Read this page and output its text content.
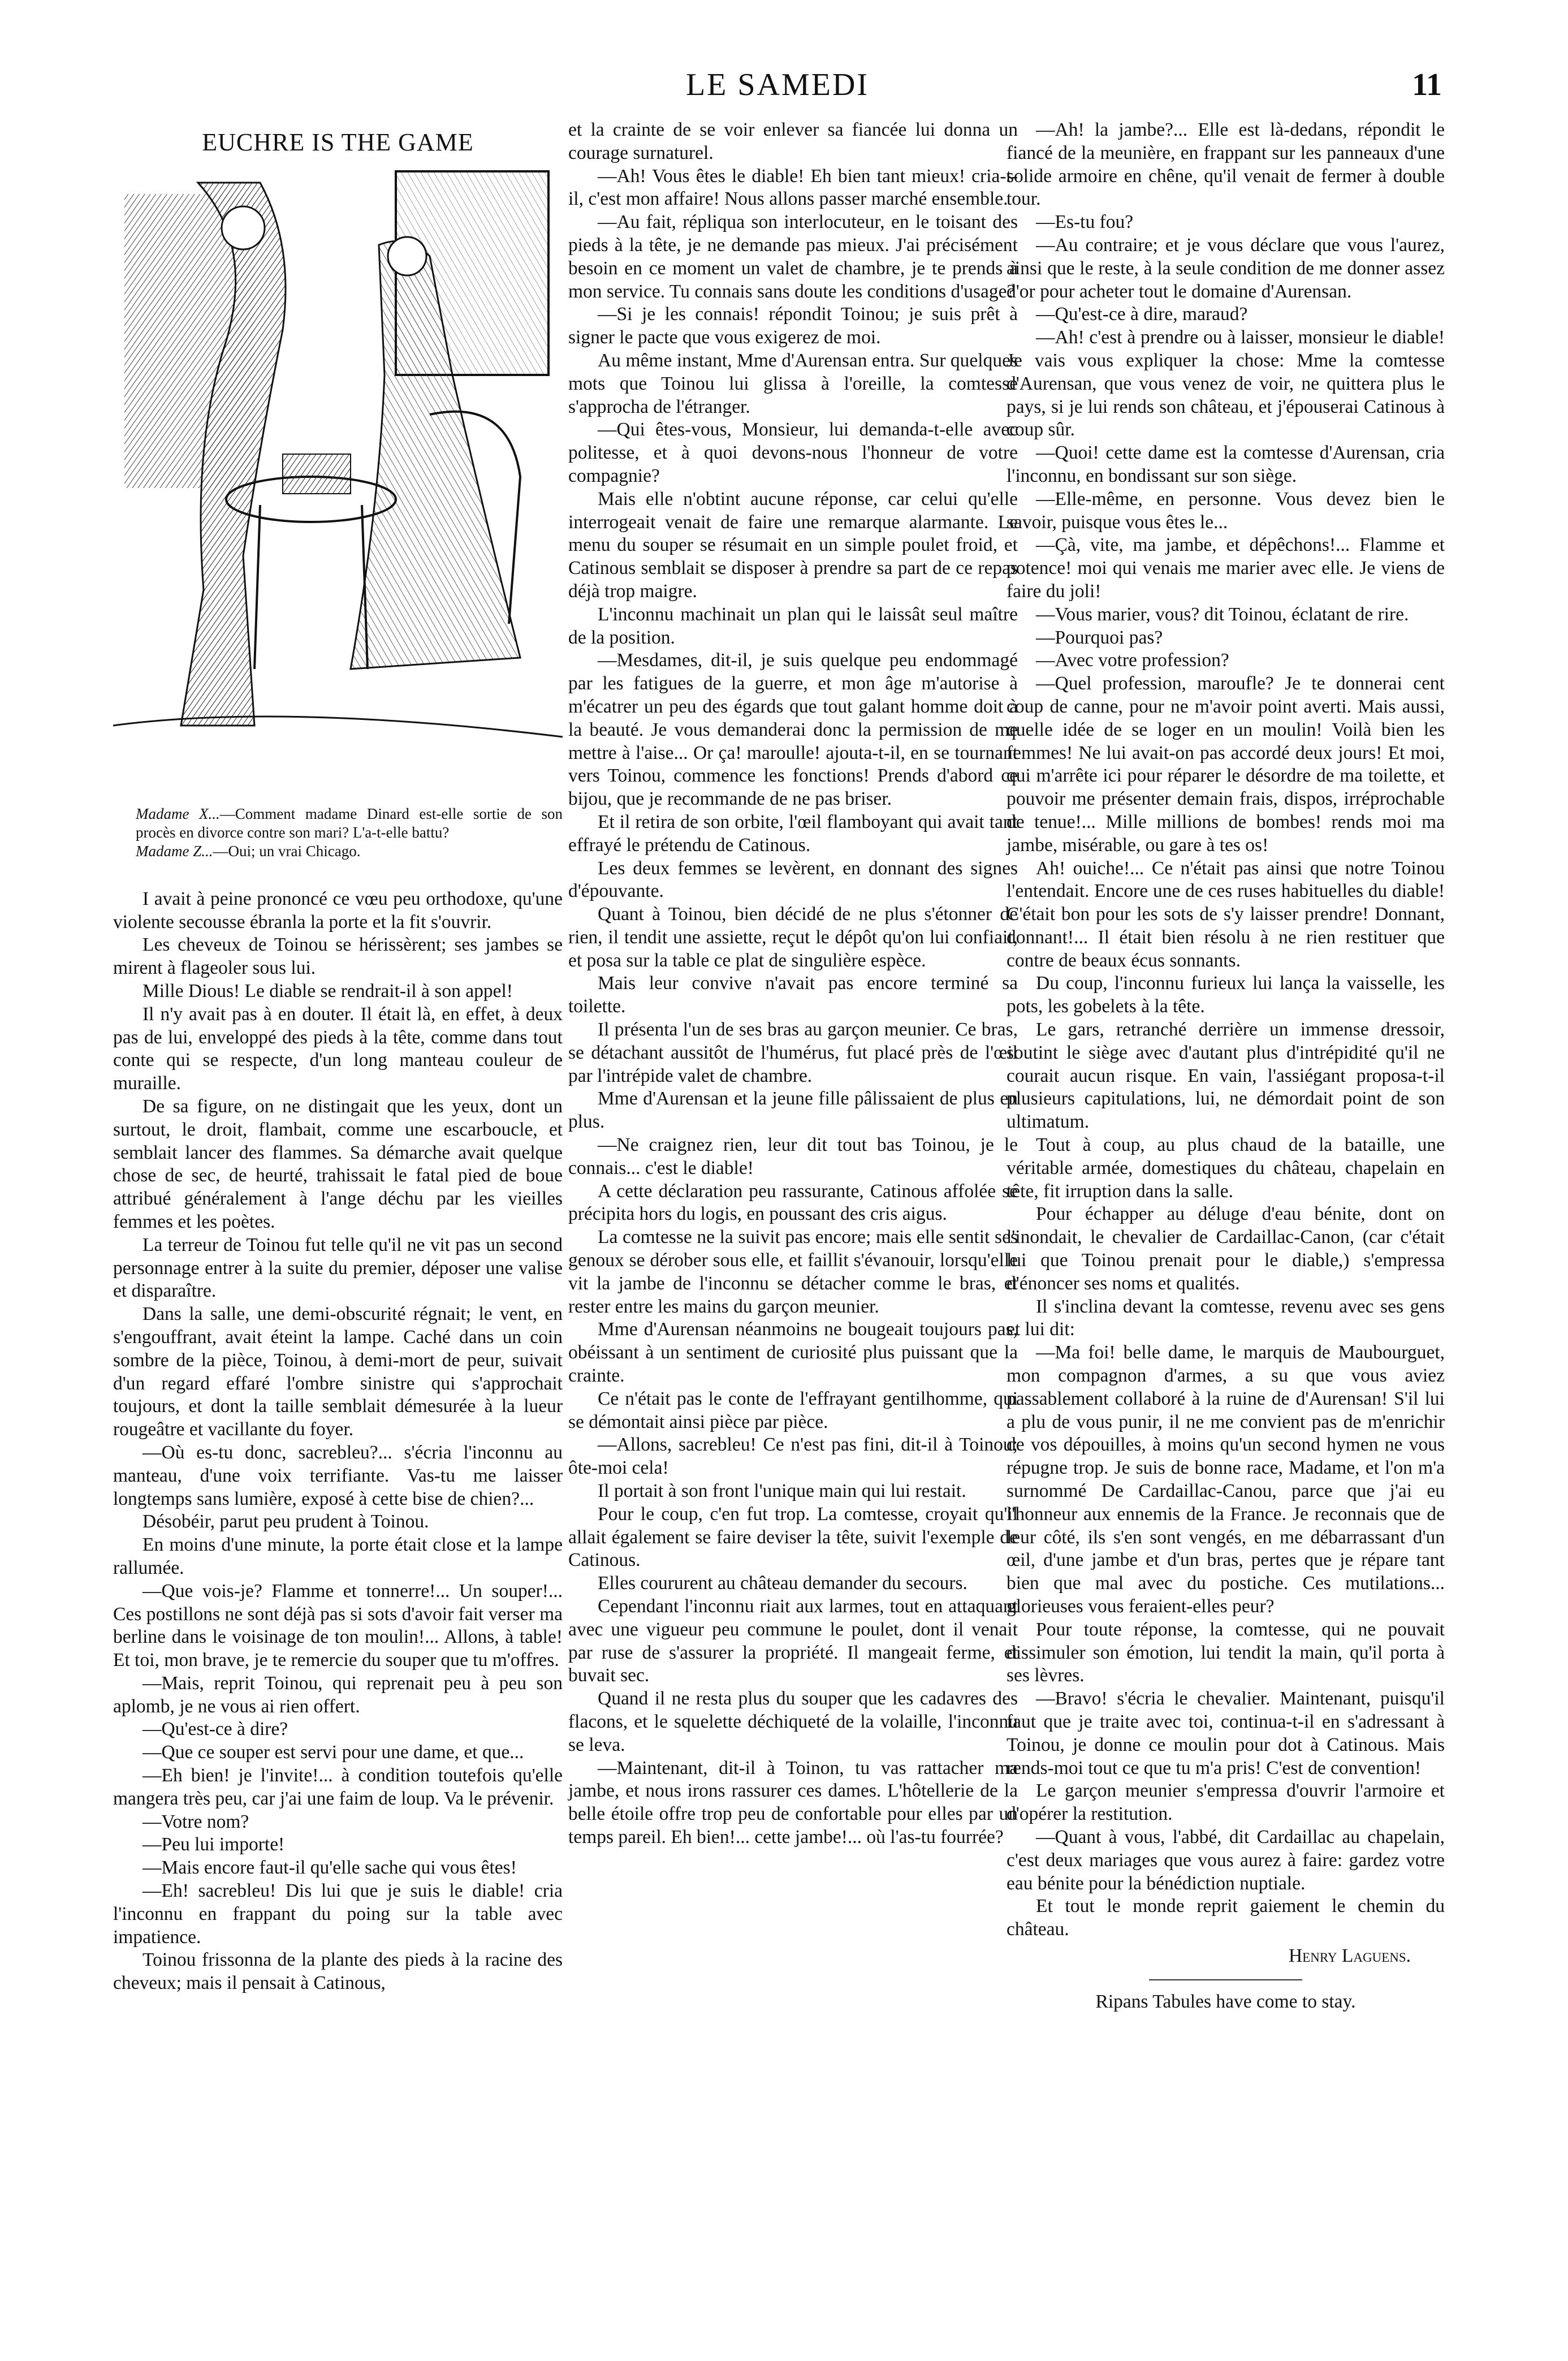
LE SAMEDI	11
EUCHRE IS THE GAME

Madame X...—Comment madame Dinard est-elle sortie de son procès en divorce contre son mari? L'a-t-elle battu?

Madame Z...—Oui; un vrai Chicago.

I avait à peine prononcé ce vœu peu orthodoxe, qu'une violente secousse ébranla la porte et la fit s'ouvrir.

Les cheveux de Toinou se hérissèrent; ses jambes se mirent à flageoler sous lui.

Mille Dious! Le diable se rendrait-il à son appel!

Il n'y avait pas à en douter. Il était là, en effet, à deux pas de lui, enveloppé des pieds à la tête, comme dans tout conte qui se respecte, d'un long manteau couleur de muraille.

De sa figure, on ne distingait que les yeux, dont un surtout, le droit, flambait, comme une escarboucle, et semblait lancer des flammes. Sa démarche avait quelque chose de sec, de heurté, trahissait le fatal pied de boue attribué généralement à l'ange déchu par les vieilles femmes et les poètes.

La terreur de Toinou fut telle qu'il ne vit pas un second personnage entrer à la suite du premier, déposer une valise et disparaître.

Dans la salle, une demi-obscurité régnait; le vent, en s'engouffrant, avait éteint la lampe. Caché dans un coin sombre de la pièce, Toinou, à demi-mort de peur, suivait d'un regard effaré l'ombre sinistre qui s'approchait toujours, et dont la taille semblait démesurée à la lueur rougeâtre et vacillante du foyer.

—Où es-tu donc, sacrebleu?... s'écria l'inconnu au manteau, d'une voix terrifiante. Vas-tu me laisser longtemps sans lumière, exposé à cette bise de chien?...

Désobéir, parut peu prudent à Toinou.

En moins d'une minute, la porte était close et la lampe rallumée.

—Que vois-je? Flamme et tonnerre!... Un souper!... Ces postillons ne sont déjà pas si sots d'avoir fait verser ma berline dans le voisinage de ton moulin!... Allons, à table! Et toi, mon brave, je te remercie du souper que tu m'offres.

—Mais, reprit Toinou, qui reprenait peu à peu son aplomb, je ne vous ai rien offert.

—Qu'est-ce à dire?

—Que ce souper est servi pour une dame, et que...

—Eh bien! je l'invite!... à condition toutefois qu'elle mangera très peu, car j'ai une faim de loup. Va le prévenir.

—Votre nom?

—Peu lui importe!

—Mais encore faut-il qu'elle sache qui vous êtes!

—Eh! sacrebleu! Dis lui que je suis le diable! cria l'inconnu en frappant du poing sur la table avec impatience.

Toinou frissonna de la plante des pieds à la racine des cheveux; mais il pensait à Catinous,

et la crainte de se voir enlever sa fiancée lui donna un courage surnaturel.

—Ah! Vous êtes le diable! Eh bien tant mieux! cria-t-il, c'est mon affaire! Nous allons passer marché ensemble.

—Au fait, répliqua son interlocuteur, en le toisant des pieds à la tête, je ne demande pas mieux. J'ai précisément besoin en ce moment un valet de chambre, je te prends à mon service. Tu connais sans doute les conditions d'usage?

—Si je les connais! répondit Toinou; je suis prêt à signer le pacte que vous exigerez de moi.

Au même instant, Mme d'Aurensan entra. Sur quelques mots que Toinou lui glissa à l'oreille, la comtesse s'approcha de l'étranger.

—Qui êtes-vous, Monsieur, lui demanda-t-elle avec politesse, et à quoi devons-nous l'honneur de votre compagnie?

Mais elle n'obtint aucune réponse, car celui qu'elle interrogeait venait de faire une remarque alarmante. Le menu du souper se résumait en un simple poulet froid, et Catinous semblait se disposer à prendre sa part de ce repas déjà trop maigre.

L'inconnu machinait un plan qui le laissât seul maître de la position.

—Mesdames, dit-il, je suis quelque peu endommagé par les fatigues de la guerre, et mon âge m'autorise à m'écatrer un peu des égards que tout galant homme doit à la beauté. Je vous demanderai donc la permission de me mettre à l'aise... Or ça! maroulle! ajouta-t-il, en se tournant vers Toinou, commence les fonctions! Prends d'abord ce bijou, que je recommande de ne pas briser.

Et il retira de son orbite, l'œil flamboyant qui avait tant effrayé le prétendu de Catinous.

Les deux femmes se levèrent, en donnant des signes d'épouvante.

Quant à Toinou, bien décidé de ne plus s'étonner de rien, il tendit une assiette, reçut le dépôt qu'on lui confiait, et posa sur la table ce plat de singulière espèce.

Mais leur convive n'avait pas encore terminé sa toilette.

Il présenta l'un de ses bras au garçon meunier. Ce bras, se détachant aussitôt de l'humérus, fut placé près de l'œil par l'intrépide valet de chambre.

Mme d'Aurensan et la jeune fille pâlissaient de plus en plus.

—Ne craignez rien, leur dit tout bas Toinou, je le connais... c'est le diable!

A cette déclaration peu rassurante, Catinous affolée se précipita hors du logis, en poussant des cris aigus.

La comtesse ne la suivit pas encore; mais elle sentit ses genoux se dérober sous elle, et faillit s'évanouir, lorsqu'elle vit la jambe de l'inconnu se détacher comme le bras, et rester entre les mains du garçon meunier.

Mme d'Aurensan néanmoins ne bougeait toujours pas, obéissant à un sentiment de curiosité plus puissant que la crainte.

Ce n'était pas le conte de l'effrayant gentilhomme, qui se démontait ainsi pièce par pièce.

—Allons, sacrebleu! Ce n'est pas fini, dit-il à Toinou; ôte-moi cela!

Il portait à son front l'unique main qui lui restait.

Pour le coup, c'en fut trop. La comtesse, croyait qu'il allait également se faire deviser la tête, suivit l'exemple de Catinous.

Elles coururent au château demander du secours.

Cependant l'inconnu riait aux larmes, tout en attaquant avec une vigueur peu commune le poulet, dont il venait par ruse de s'assurer la propriété. Il mangeait ferme, et buvait sec.

Quand il ne resta plus du souper que les cadavres des flacons, et le squelette déchiqueté de la volaille, l'inconnu se leva.

—Maintenant, dit-il à Toinon, tu vas rattacher ma jambe, et nous irons rassurer ces dames. L'hôtellerie de la belle étoile offre trop peu de confortable pour elles par un temps pareil. Eh bien!... cette jambe!... où l'as-tu fourrée?

—Ah! la jambe?... Elle est là-dedans, répondit le fiancé de la meunière, en frappant sur les panneaux d'une solide armoire en chêne, qu'il venait de fermer à double tour.

—Es-tu fou?

—Au contraire; et je vous déclare que vous l'aurez, ainsi que le reste, à la seule condition de me donner assez d'or pour acheter tout le domaine d'Aurensan.

—Qu'est-ce à dire, maraud?

—Ah! c'est à prendre ou à laisser, monsieur le diable! Je vais vous expliquer la chose: Mme la comtesse d'Aurensan, que vous venez de voir, ne quittera plus le pays, si je lui rends son château, et j'épouserai Catinous à coup sûr.

—Quoi! cette dame est la comtesse d'Aurensan, cria l'inconnu, en bondissant sur son siège.

—Elle-même, en personne. Vous devez bien le savoir, puisque vous êtes le...

—Çà, vite, ma jambe, et dépêchons!... Flamme et potence! moi qui venais me marier avec elle. Je viens de faire du joli!

—Vous marier, vous? dit Toinou, éclatant de rire.

—Pourquoi pas?

—Avec votre profession?

—Quel profession, maroufle? Je te donnerai cent coup de canne, pour ne m'avoir point averti. Mais aussi, quelle idée de se loger en un moulin! Voilà bien les femmes! Ne lui avait-on pas accordé deux jours! Et moi, qui m'arrête ici pour réparer le désordre de ma toilette, et pouvoir me présenter demain frais, dispos, irréprochable de tenue!... Mille millions de bombes! rends moi ma jambe, misérable, ou gare à tes os!

Ah! ouiche!... Ce n'était pas ainsi que notre Toinou l'entendait. Encore une de ces ruses habituelles du diable! C'était bon pour les sots de s'y laisser prendre! Donnant, donnant!... Il était bien résolu à ne rien restituer que contre de beaux écus sonnants.

Du coup, l'inconnu furieux lui lança la vaisselle, les pots, les gobelets à la tête.

Le gars, retranché derrière un immense dressoir, soutint le siège avec d'autant plus d'intrépidité qu'il ne courait aucun risque. En vain, l'assiégant proposa-t-il plusieurs capitulations, lui, ne démordait point de son ultimatum.

Tout à coup, au plus chaud de la bataille, une véritable armée, domestiques du château, chapelain en tête, fit irruption dans la salle.

Pour échapper au déluge d'eau bénite, dont on l'inondait, le chevalier de Cardaillac-Canon, (car c'était lui que Toinou prenait pour le diable,) s'empressa d'énoncer ses noms et qualités.

Il s'inclina devant la comtesse, revenu avec ses gens et lui dit:

—Ma foi! belle dame, le marquis de Maubourguet, mon compagnon d'armes, a su que vous aviez passablement collaboré à la ruine de d'Aurensan! S'il lui a plu de vous punir, il ne me convient pas de m'enrichir de vos dépouilles, à moins qu'un second hymen ne vous répugne trop. Je suis de bonne race, Madame, et l'on m'a surnommé De Cardaillac-Canou, parce que j'ai eu l'honneur aux ennemis de la France. Je reconnais que de leur côté, ils s'en sont vengés, en me débarrassant d'un œil, d'une jambe et d'un bras, pertes que je répare tant bien que mal avec du postiche. Ces mutilations... glorieuses vous feraient-elles peur?

Pour toute réponse, la comtesse, qui ne pouvait dissimuler son émotion, lui tendit la main, qu'il porta à ses lèvres.

—Bravo! s'écria le chevalier. Maintenant, puisqu'il faut que je traite avec toi, continua-t-il en s'adressant à Toinou, je donne ce moulin pour dot à Catinous. Mais rends-moi tout ce que tu m'a pris! C'est de convention!

Le garçon meunier s'empressa d'ouvrir l'armoire et d'opérer la restitution.

—Quant à vous, l'abbé, dit Cardaillac au chapelain, c'est deux mariages que vous aurez à faire: gardez votre eau bénite pour la bénédiction nuptiale.

Et tout le monde reprit gaiement le chemin du château.

Henry Laguens.

Ripans Tabules have come to stay.
